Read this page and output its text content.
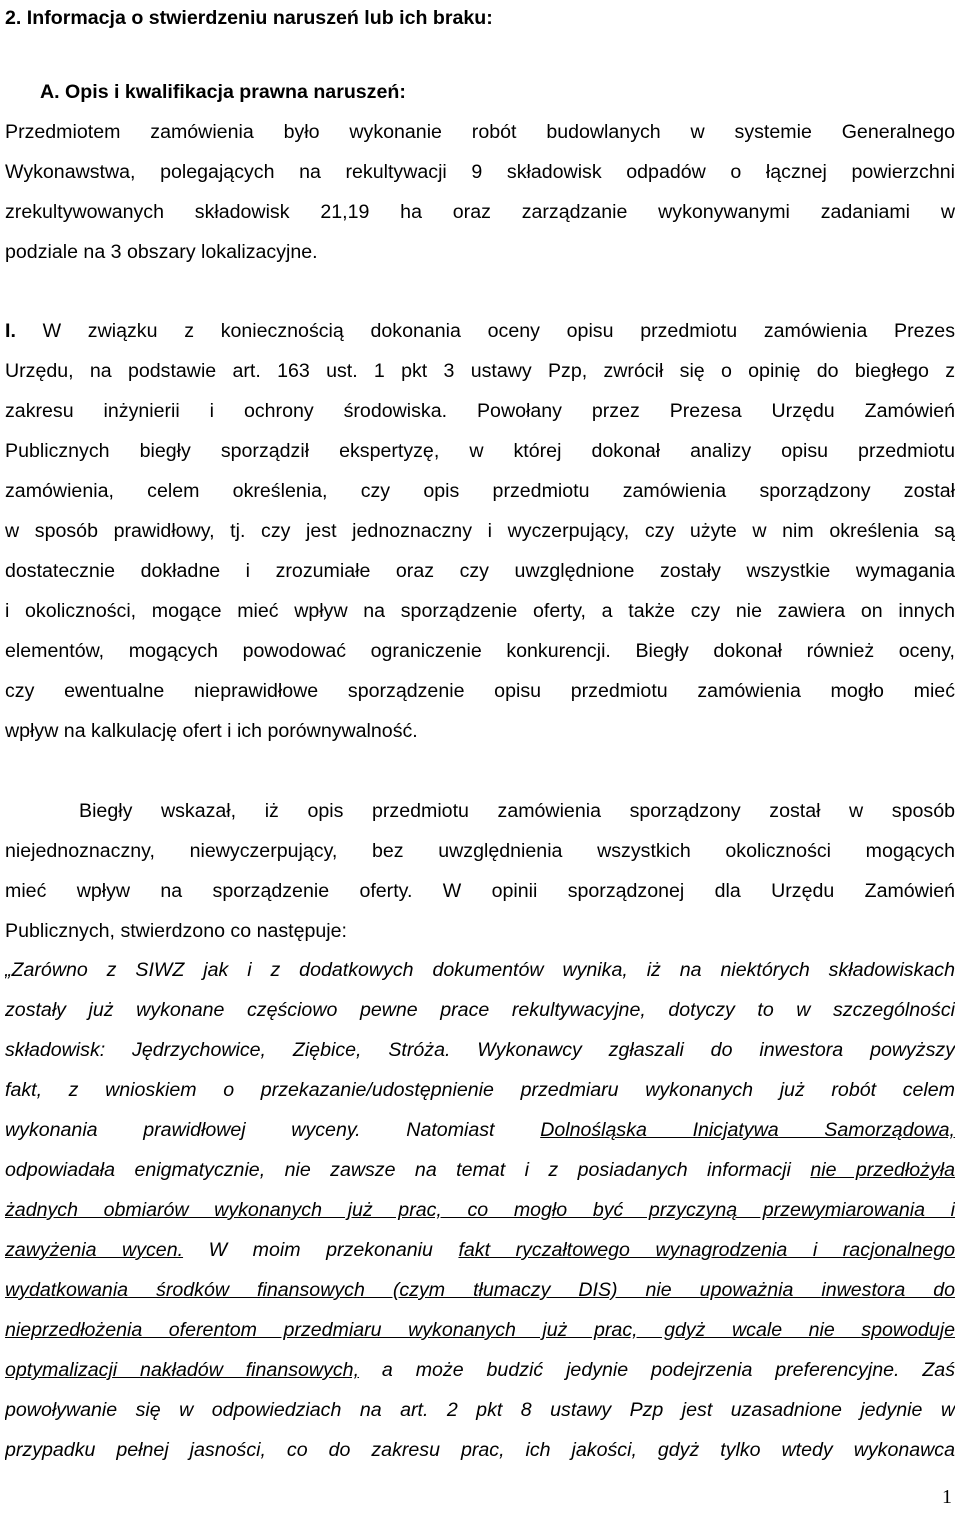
2. Informacja o stwierdzeniu naruszeń lub ich braku:
A. Opis i kwalifikacja prawna naruszeń:
Przedmiotem zamówienia było wykonanie robót budowlanych w systemie Generalnego
Wykonawstwa, polegających na rekultywacji 9 składowisk odpadów o łącznej powierzchni
zrekultywowanych składowisk 21,19 ha oraz zarządzanie wykonywanymi zadaniami w
podziale na 3 obszary lokalizacyjne.
I. W związku z koniecznością dokonania oceny opisu przedmiotu zamówienia Prezes
Urzędu, na podstawie art. 163 ust. 1 pkt 3 ustawy Pzp, zwrócił się o opinię do biegłego z
zakresu inżynierii i ochrony środowiska. Powołany przez Prezesa Urzędu Zamówień
Publicznych biegły sporządził ekspertyzę, w której dokonał analizy opisu przedmiotu
zamówienia, celem określenia, czy opis przedmiotu zamówienia sporządzony został
w sposób prawidłowy, tj. czy jest jednoznaczny i wyczerpujący, czy użyte w nim określenia są
dostatecznie dokładne i zrozumiałe oraz czy uwzględnione zostały wszystkie wymagania
i okoliczności, mogące mieć wpływ na sporządzenie oferty, a także czy nie zawiera on innych
elementów, mogących powodować ograniczenie konkurencji. Biegły dokonał również oceny,
czy ewentualne nieprawidłowe sporządzenie opisu przedmiotu zamówienia mogło mieć
wpływ na kalkulację ofert i ich porównywalność.
Biegły wskazał, iż opis przedmiotu zamówienia sporządzony został w sposób
niejednoznaczny, niewyczerpujący, bez uwzględnienia wszystkich okoliczności mogących
mieć wpływ na sporządzenie oferty. W opinii sporządzonej dla Urzędu Zamówień
Publicznych, stwierdzono co następuje:
„Zarówno z SIWZ jak i z dodatkowych dokumentów wynika, iż na niektórych składowiskach
zostały już wykonane częściowo pewne prace rekultywacyjne, dotyczy to w szczególności
składowisk: Jędrzychowice, Ziębice, Stróża. Wykonawcy zgłaszali do inwestora powyższy
fakt, z wnioskiem o przekazanie/udostępnienie przedmiaru wykonanych już robót celem
wykonania prawidłowej wyceny. Natomiast Dolnośląska Inicjatywa Samorządowa,
odpowiadała enigmatycznie, nie zawsze na temat i z posiadanych informacji nie przedłożyła
żadnych obmiarów wykonanych już prac, co mogło być przyczyną przewymiarowania i
zawyżenia wycen. W moim przekonaniu fakt ryczałtowego wynagrodzenia i racjonalnego
wydatkowania środków finansowych (czym tłumaczy DIS) nie upoważnia inwestora do
nieprzedłożenia oferentom przedmiaru wykonanych już prac, gdyż wcale nie spowoduje
optymalizacji nakładów finansowych, a może budzić jedynie podejrzenia preferencyjne. Zaś
powoływanie się w odpowiedziach na art. 2 pkt 8 ustawy Pzp jest uzasadnione jedynie w
przypadku pełnej jasności, co do zakresu prac, ich jakości, gdyż tylko wtedy wykonawca
1
